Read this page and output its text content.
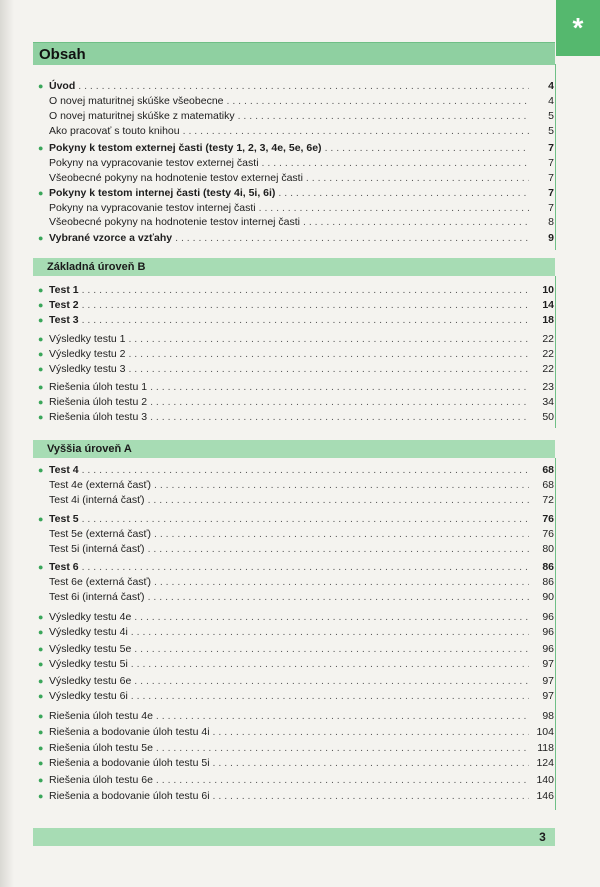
*
Obsah
Základná úroveň B
Vyššia úroveň A
● Úvod . . .	4
O novej maturitnej skúške všeobecne . . .	4
O novej maturitnej skúške z matematiky . . .	5
Ako pracovať s touto knihou . . .	5
● Pokyny k testom externej časti (testy 1, 2, 3, 4e, 5e, 6e) . . .	7
Pokyny na vypracovanie testov externej časti . . .	7
Všeobecné pokyny na hodnotenie testov externej časti . . .	7
● Pokyny k testom internej časti (testy 4i, 5i, 6i) . . .	7
Pokyny na vypracovanie testov internej časti . . .	7
Všeobecné pokyny na hodnotenie testov internej časti . . .	8
● Vybrané vzorce a vzťahy . . .	9
● Test 1 . . .	10
● Test 2 . . .	14
● Test 3 . . .	18
● Výsledky testu 1 . . .	22
● Výsledky testu 2 . . .	22
● Výsledky testu 3 . . .	22
● Riešenia úloh testu 1 . . .	23
● Riešenia úloh testu 2 . . .	34
● Riešenia úloh testu 3 . . .	50
● Test 4 . . .	68
Test 4e (externá časť) . . .	68
Test 4i (interná časť) . . .	72
● Test 5 . . .	76
Test 5e (externá časť) . . .	76
Test 5i (interná časť) . . .	80
● Test 6 . . .	86
Test 6e (externá časť) . . .	86
Test 6i (interná časť) . . .	90
● Výsledky testu 4e . . .	96
● Výsledky testu 4i . . .	96
● Výsledky testu 5e . . .	96
● Výsledky testu 5i . . .	97
● Výsledky testu 6e . . .	97
● Výsledky testu 6i . . .	97
● Riešenia úloh testu 4e . . .	98
● Riešenia a bodovanie úloh testu 4i . . .	104
● Riešenia úloh testu 5e . . .	118
● Riešenia a bodovanie úloh testu 5i . . .	124
● Riešenia úloh testu 6e . . .	140
● Riešenia a bodovanie úloh testu 6i . . .	146
3
